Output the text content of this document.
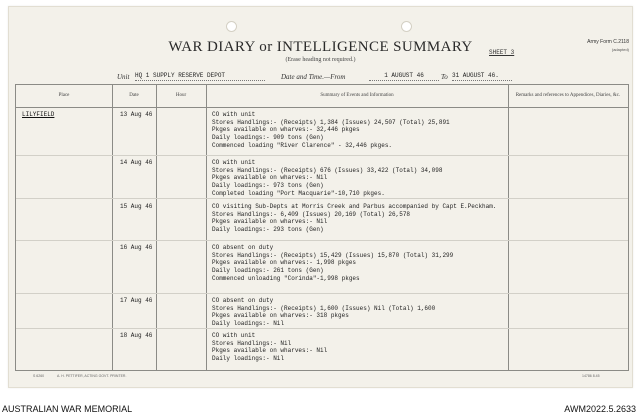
WAR DIARY or INTELLIGENCE SUMMARY
(Erase heading not required.)
SHEET 3
Army Form C.2118
(adapted)
Unit HQ 1 SUPPLY RESERVE DEPOT	Date and Time.—From	1 AUGUST 46	To 31 AUGUST 46.
Place	Date	Hour	Summary of Events and Information	Remarks and references to Appendices, Diaries, &c.
LILYFIELD	13 Aug 46	CO with unit
Stores Handlings:- (Receipts) 1,384 (Issues) 24,507 (Total) 25,891
Pkges available on wharves:- 32,446 pkges
Daily loadings:- 909 tons (Gen)
Commenced loading "River Clarence" - 32,446 pkges.
14 Aug 46	CO with unit
Stores Handlings:- (Receipts) 676 (Issues) 33,422 (Total) 34,098
Pkges available on wharves:- Nil
Daily loadings:- 973 tons (Gen)
Completed loading "Port Macquarie"-10,710 pkges.
15 Aug 46	CO visiting Sub-Depts at Morris Creek and Parbus accompanied by Capt E.Peckham.
Stores Handlings:- 6,409 (Issues) 20,169 (Total) 26,578
Pkges available on wharves:- Nil
Daily loadings:- 293 tons (Gen)
16 Aug 46	CO absent on duty
Stores Handlings:- (Receipts) 15,429 (Issues) 15,870 (Total) 31,299
Pkges available on wharves:- 1,998 pkges
Daily loadings:- 261 tons (Gen)
Commenced unloading "Corinda"-1,998 pkges
17 Aug 46	CO absent on duty
Stores Handlings:- (Receipts) 1,600 (Issues) Nil (Total) 1,600
Pkges available on wharves:- 318 pkges
Daily loadings:- Nil
18 Aug 46	CO with unit
Stores Handlings:- Nil
Pkges available on wharves:- Nil
Daily loadings:- Nil
S 6260	A. H. PETTIFER, ACTING GOVT. PRINTER.	14786 8.45
AUSTRALIAN WAR MEMORIAL	AWM2022.5.2633
